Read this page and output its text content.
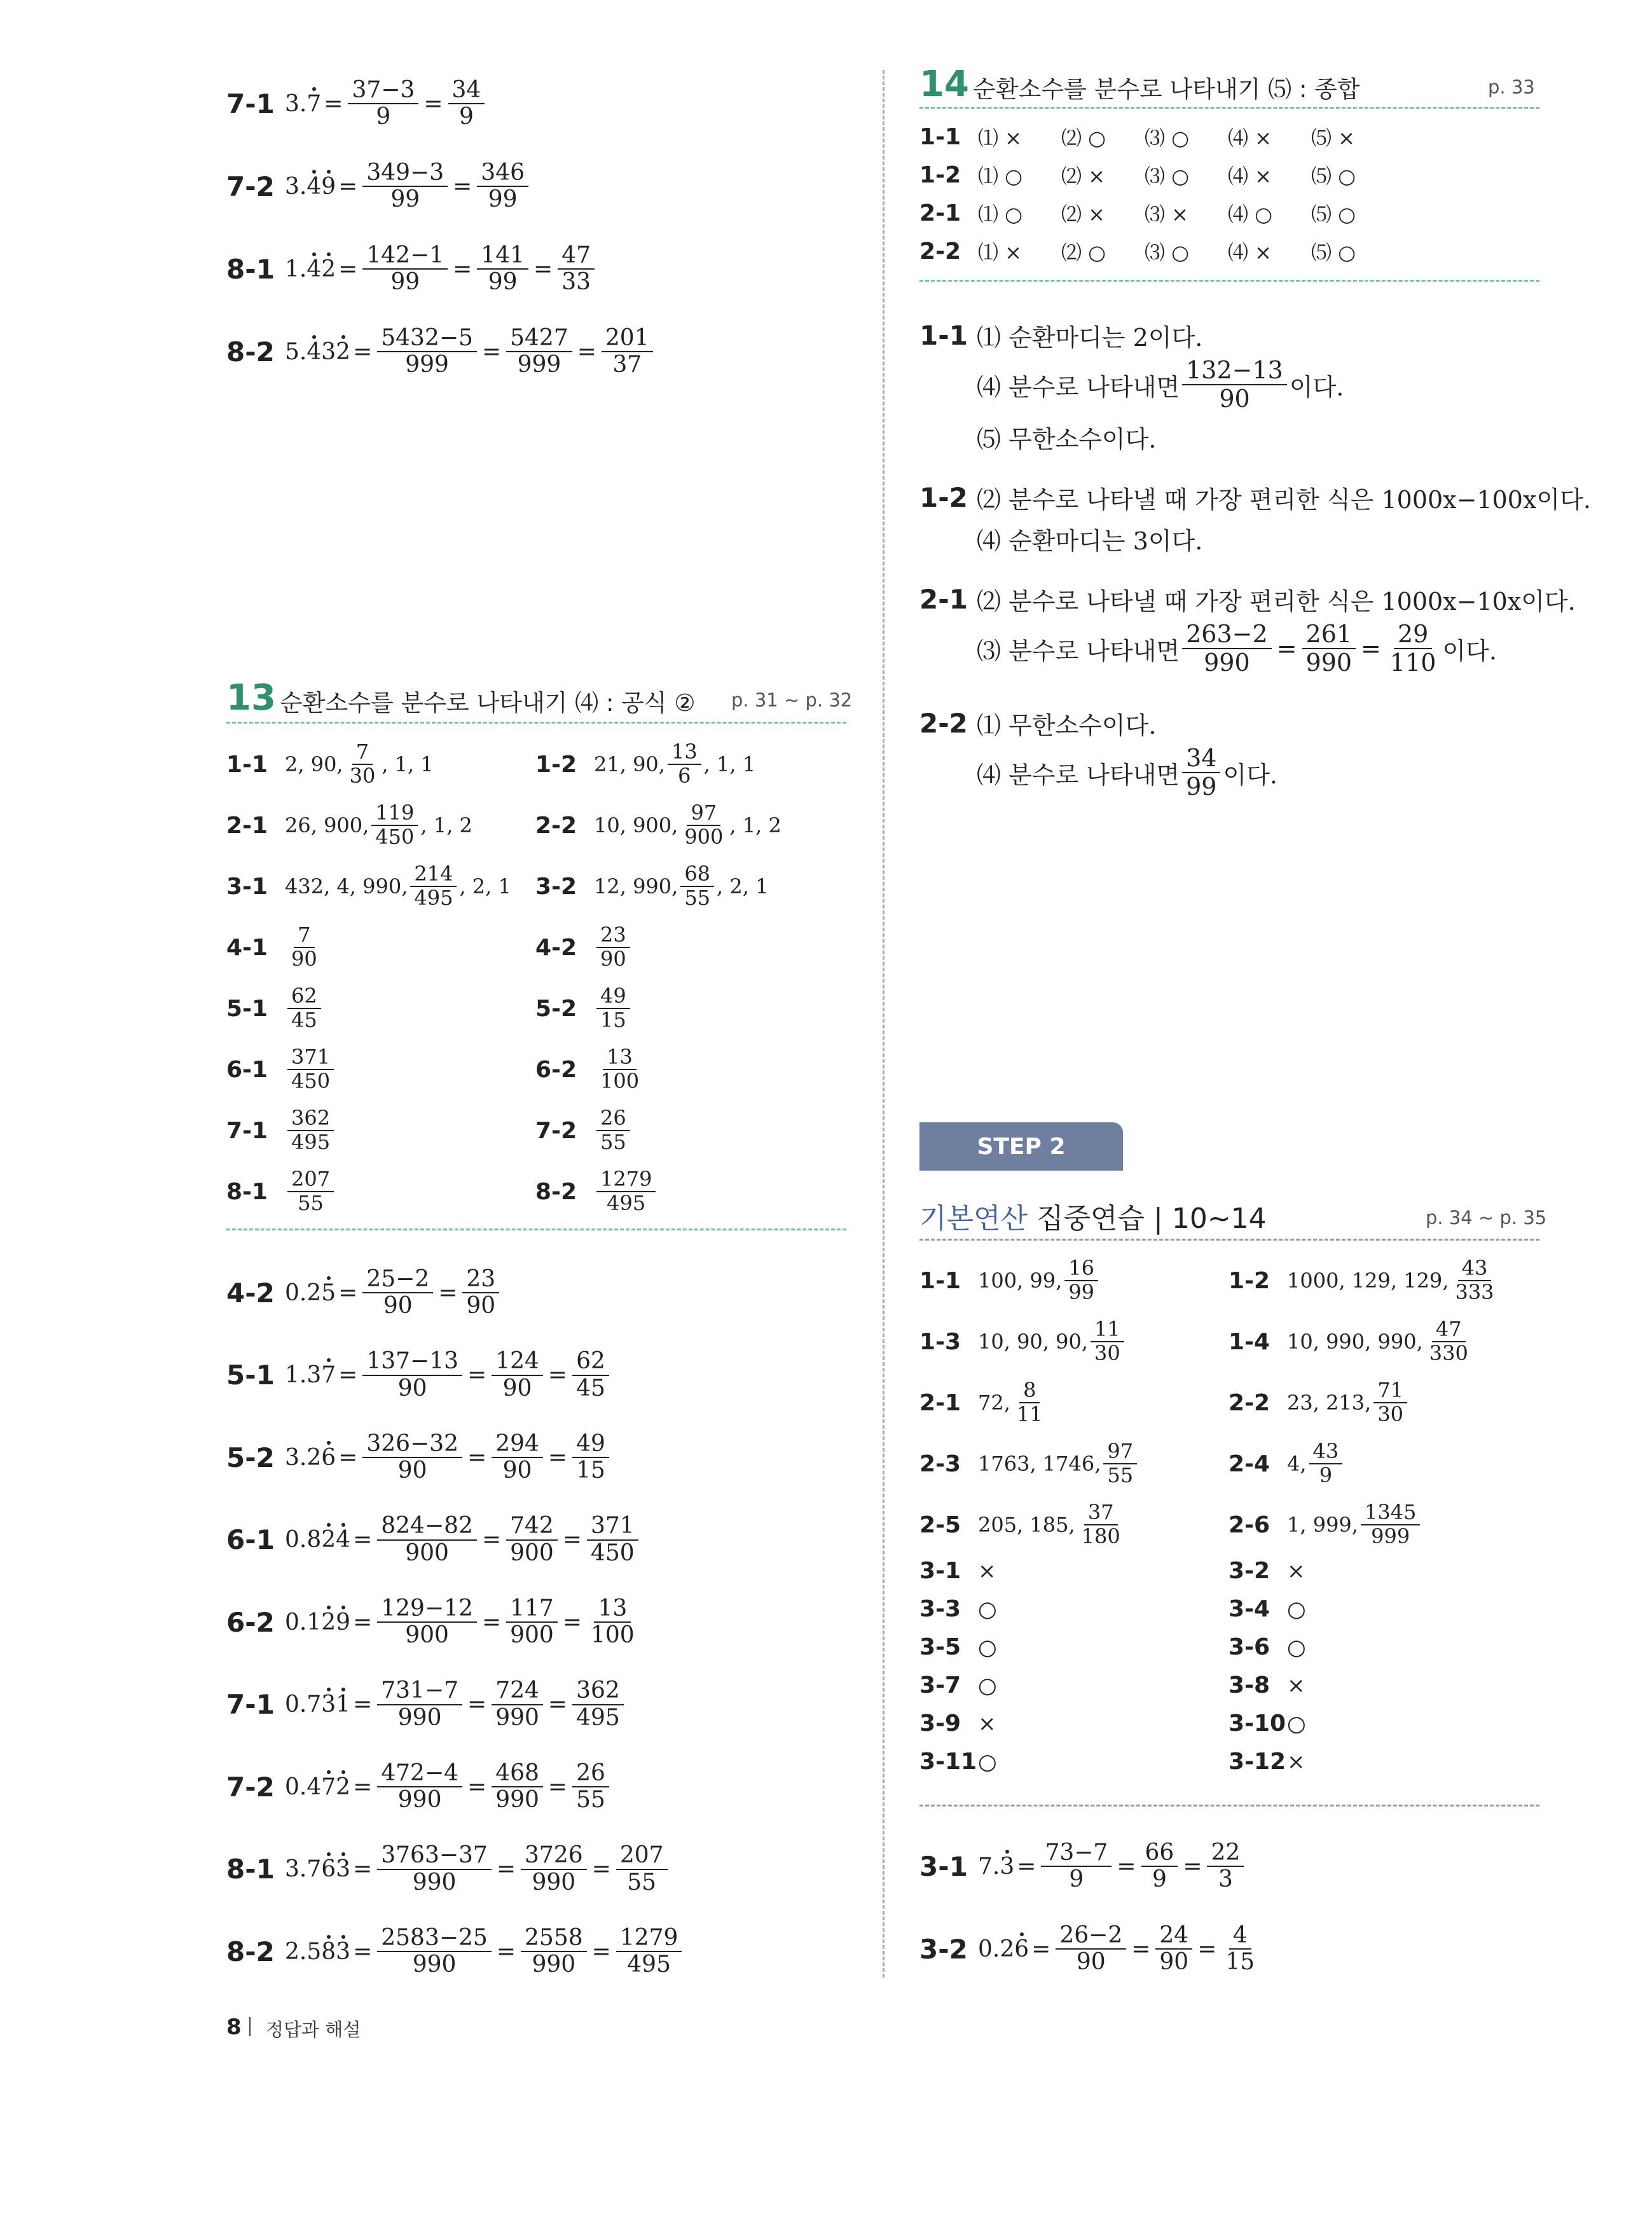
7-1 $3.7 = \frac{37-3}{9} = \frac{34}{9}$
7-2 $3.49 = \frac{349-3}{99} = \frac{346}{99}$
8-1 $1.42 = \frac{142-1}{99} = \frac{141}{99} = \frac{47}{33}$
8-2 $5.432 = \frac{5432-5}{999} = \frac{5427}{999} = \frac{201}{37}$
13 순환소수를 분수로 나타내기 ⑷ : 공식 ② p. 31 ~ p. 32
1-1 2, 90, $\frac{7}{30}$ , 1, 1	1-2 21, 90, $\frac{13}{6}$ , 1, 1
2-1 26, 900, $\frac{119}{450}$ , 1, 2	2-2 10, 900, $\frac{97}{900}$ , 1, 2
3-1 432, 4, 990, $\frac{214}{495}$ , 2, 1 3-2 12, 990, $\frac{68}{55}$ , 2, 1
$4-1 \frac{7}{90}$	$4-2 \frac{23}{90}$
$5-1 \frac{62}{45}$	$5-2 \frac{49}{15}$
$6-1 \frac{371}{450}$	$6-2 \frac{13}{100}$
$7-1 \frac{362}{495}$	$7-2 \frac{26}{55}$
$8-1 \frac{207}{55}$	$8-2 \frac{1279}{495}$
4-2 $0.25 = \frac{25-2}{90} = \frac{23}{90}$
5-1 $1.37 = \frac{137-13}{90} = \frac{124}{90} = \frac{62}{45}$
5-2 $3.26 = \frac{326-32}{90} = \frac{294}{90} = \frac{49}{15}$
6-1 $0.824 = \frac{824-82}{900} = \frac{742}{900} = \frac{371}{450}$
6-2 $0.129 = \frac{129-12}{900} = \frac{117}{900} = \frac{13}{100}$
7-1 $0.731 = \frac{731-7}{990} = \frac{724}{990} = \frac{362}{495}$
7-2 $0.472 = \frac{472-4}{990} = \frac{468}{990} = \frac{26}{55}$
8-1 $3.763 = \frac{3763-37}{990} = \frac{3726}{990} = \frac{207}{55}$
8-2 $2.583 = \frac{2583-25}{990} = \frac{2558}{990} = \frac{1279}{495}$
8 정답과 해설
14 순환소수를 분수로 나타내기 ⑸ : 종합	p. 33
1-1 ⑴ ×	⑵ ○	⑶ ○	⑷ ×	⑸ ×
1-2 ⑴ ○	⑵ ×	⑶ ○	⑷ ×	⑸ ○
2-1 ⑴ ○	⑵ ×	⑶ ×	⑷ ○	⑸ ○
2-2 ⑴ ×	⑵ ○	⑶ ○	⑷ ×	⑸ ○
1-1 ⑴ 순환마디는 2이다.
⑷ 분수로 나타내면 $\frac{132-13}{90}$ 이다.
⑸ 무한소수이다.
1-2 ⑵ 분수로 나타낼 때 가장 편리한 식은 1000x−100x이다.
⑷ 순환마디는 3이다.
2-1 ⑵ 분수로 나타낼 때 가장 편리한 식은 1000x−10x이다.
⑶ 분수로 나타내면 $\frac{263-2}{990} = \frac{261}{990} = \frac{29}{110}$ 이다.
2-2 ⑴ 무한소수이다.
⑷ 분수로 나타내면 $\frac{34}{99}$ 이다.
STEP 2
기본연산 집중연습 | 10~14	p. 34 ~ p. 35
1-1 100, 99, $\frac{16}{99}$	1-2 1000, 129, 129, $\frac{43}{333}$
1-3 10, 90, 90, $\frac{11}{30}$	1-4 10, 990, 990, $\frac{47}{330}$
2-1 72, $\frac{8}{11}$	2-2 23, 213, $\frac{71}{30}$
2-3 1763, 1746, $\frac{97}{55}$	2-4 4, $\frac{43}{9}$
2-5 205, 185, $\frac{37}{180}$	2-6 1, 999, $\frac{1345}{999}$
3-1 ×	3-2 ×
3-3 ○	3-4 ○
3-5 ○	3-6 ○
3-7 ○	3-8 ×
3-9 ×	3-10 ○
3-11 ○	3-12 ×
3-1 $7.3 = \frac{73-7}{9} = \frac{66}{9} = \frac{22}{3}$
3-2 $0.26 = \frac{26-2}{90} = \frac{24}{90} = \frac{4}{15}$
